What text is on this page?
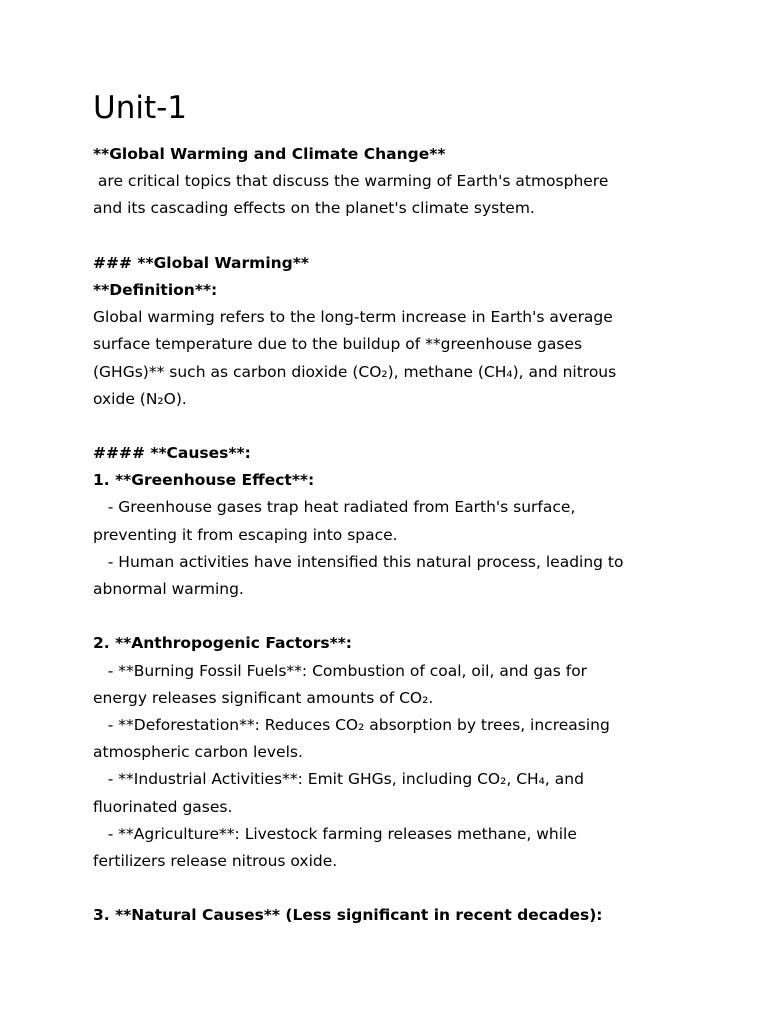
Unit-1
**Global Warming and Climate Change**
are critical topics that discuss the warming of Earth's atmosphere
and its cascading effects on the planet's climate system.
### **Global Warming**
**Definition**:
Global warming refers to the long-term increase in Earth's average
surface temperature due to the buildup of **greenhouse gases
(GHGs)** such as carbon dioxide (CO₂), methane (CH₄), and nitrous
oxide (N₂O).
#### **Causes**:
1. **Greenhouse Effect**:
- Greenhouse gases trap heat radiated from Earth's surface,
preventing it from escaping into space.
- Human activities have intensified this natural process, leading to
abnormal warming.
2. **Anthropogenic Factors**:
- **Burning Fossil Fuels**: Combustion of coal, oil, and gas for
energy releases significant amounts of CO₂.
- **Deforestation**: Reduces CO₂ absorption by trees, increasing
atmospheric carbon levels.
- **Industrial Activities**: Emit GHGs, including CO₂, CH₄, and
fluorinated gases.
- **Agriculture**: Livestock farming releases methane, while
fertilizers release nitrous oxide.
3. **Natural Causes** (Less significant in recent decades):
